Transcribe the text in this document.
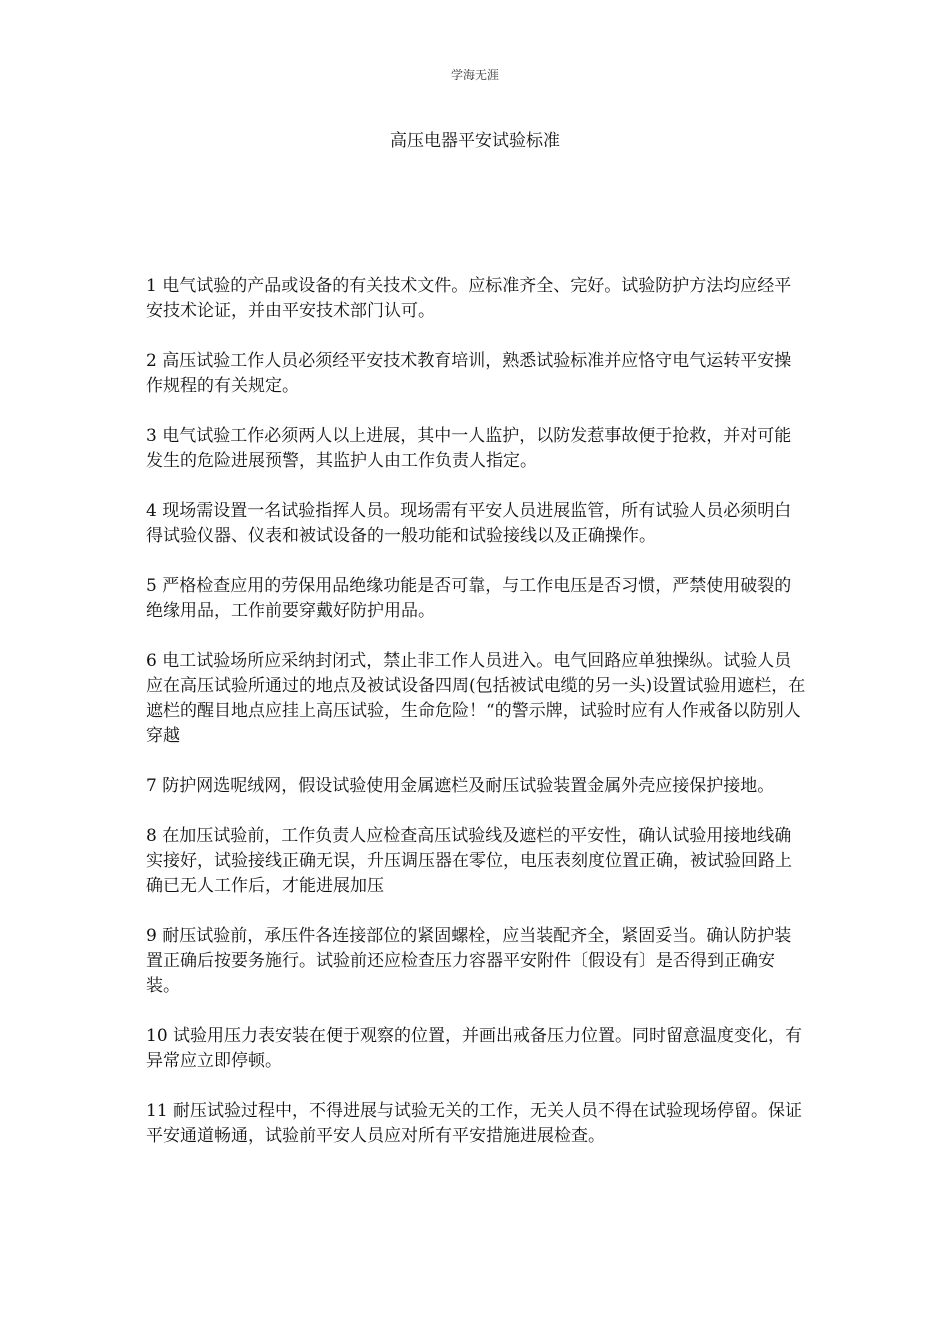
学海无涯
高压电器平安试验标准

1 电气试验的产品或设备的有关技术文件。应标准齐全、完好。试验防护方法均应经平安技术论证，并由平安技术部门认可。

2 高压试验工作人员必须经平安技术教育培训，熟悉试验标准并应恪守电气运转平安操作规程的有关规定。

3 电气试验工作必须两人以上进展，其中一人监护，以防发惹事故便于抢救，并对可能发生的危险进展预警，其监护人由工作负责人指定。

4 现场需设置一名试验指挥人员。现场需有平安人员进展监管，所有试验人员必须明白得试验仪器、仪表和被试设备的一般功能和试验接线以及正确操作。

5 严格检查应用的劳保用品绝缘功能是否可靠，与工作电压是否习惯，严禁使用破裂的绝缘用品，工作前要穿戴好防护用品。

6 电工试验场所应采纳封闭式，禁止非工作人员进入。电气回路应单独操纵。试验人员应在高压试验所通过的地点及被试设备四周(包括被试电缆的另一头)设置试验用遮栏，在遮栏的醒目地点应挂上高压试验，生命危险！“的警示牌，试验时应有人作戒备以防别人穿越

7 防护网选呢绒网，假设试验使用金属遮栏及耐压试验装置金属外壳应接保护接地。

8 在加压试验前，工作负责人应检查高压试验线及遮栏的平安性，确认试验用接地线确实接好，试验接线正确无误，升压调压器在零位，电压表刻度位置正确，被试验回路上确已无人工作后，才能进展加压

9 耐压试验前，承压件各连接部位的紧固螺栓，应当装配齐全，紧固妥当。确认防护装置正确后按要务施行。试验前还应检查压力容器平安附件〔假设有〕是否得到正确安装。

10 试验用压力表安装在便于观察的位置，并画出戒备压力位置。同时留意温度变化，有异常应立即停顿。

11 耐压试验过程中，不得进展与试验无关的工作，无关人员不得在试验现场停留。保证平安通道畅通，试验前平安人员应对所有平安措施进展检查。
